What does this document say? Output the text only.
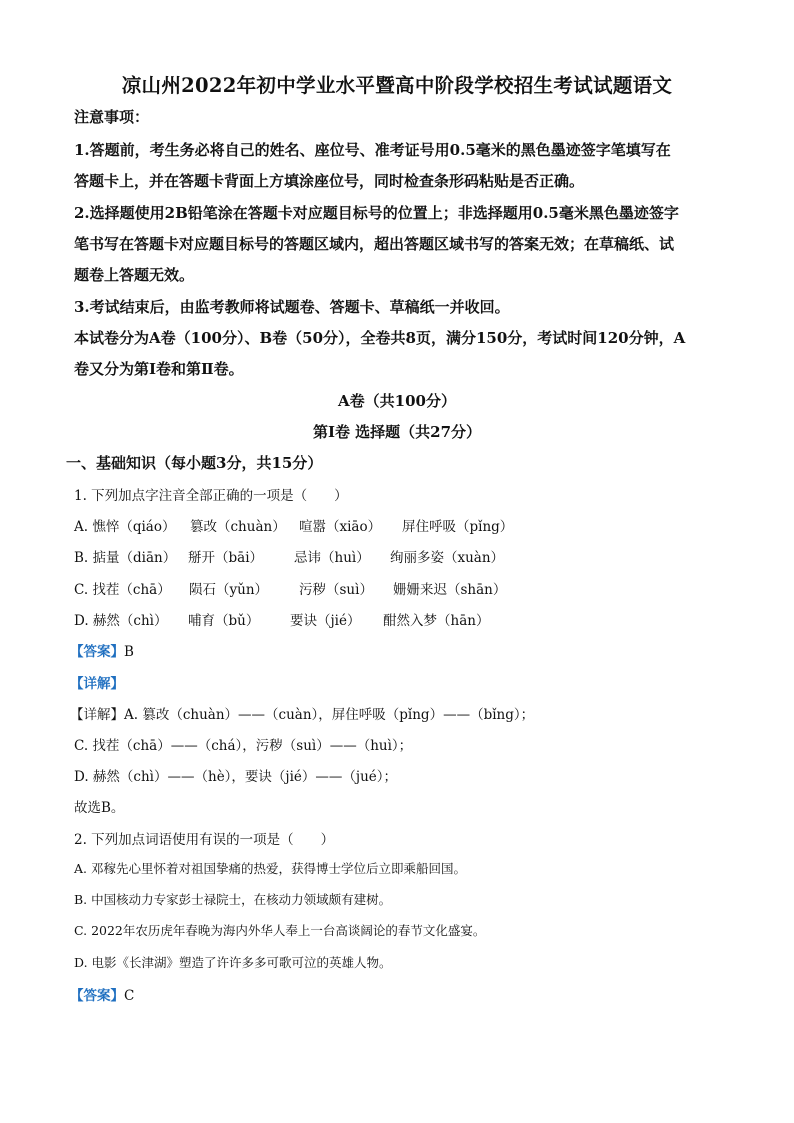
凉山州2022年初中学业水平暨高中阶段学校招生考试试题语文
注意事项：
1.答题前，考生务必将自己的姓名、座位号、准考证号用0.5毫米的黑色墨迹签字笔填写在
答题卡上，并在答题卡背面上方填涂座位号，同时检查条形码粘贴是否正确。
2.选择题使用2B铅笔涂在答题卡对应题目标号的位置上；非选择题用0.5毫米黑色墨迹签字
笔书写在答题卡对应题目标号的答题区域内，超出答题区域书写的答案无效；在草稿纸、试
题卷上答题无效。
3.考试结束后，由监考教师将试题卷、答题卡、草稿纸一并收回。
本试卷分为A卷（100分）、B卷（50分），全卷共8页，满分150分，考试时间120分钟，A
卷又分为第Ⅰ卷和第Ⅱ卷。
A卷（共100分）
第Ⅰ卷 选择题（共27分）
一、基础知识（每小题3分，共15分）
1. 下列加点字注音全部正确的一项是（　　）
A. 憔悴（qiáo） 篡改（chuàn） 喧嚣（xiāo） 屏住呼吸（pǐng）
B. 掂量（diān） 掰开（bāi） 忌讳（huì） 绚丽多姿（xuàn）
C. 找茬（chā） 陨石（yǔn） 污秽（suì） 姗姗来迟（shān）
D. 赫然（chì） 哺育（bǔ） 要诀（jié） 酣然入梦（hān）
【答案】B
【详解】
【详解】A. 篡改（chuàn）——（cuàn），屏住呼吸（pǐng）——（bǐng）；
C. 找茬（chā）——（chá），污秽（suì）——（huì）；
D. 赫然（chì）——（hè），要诀（jié）——（jué）；
故选B。
2. 下列加点词语使用有误的一项是（　　）
A. 邓稼先心里怀着对祖国挚痛的热爱，获得博士学位后立即乘船回国。
B. 中国核动力专家彭士禄院士，在核动力领域颇有建树。
C. 2022年农历虎年春晚为海内外华人奉上一台高谈阔论的春节文化盛宴。
D. 电影《长津湖》塑造了许许多多可歌可泣的英雄人物。
【答案】C
